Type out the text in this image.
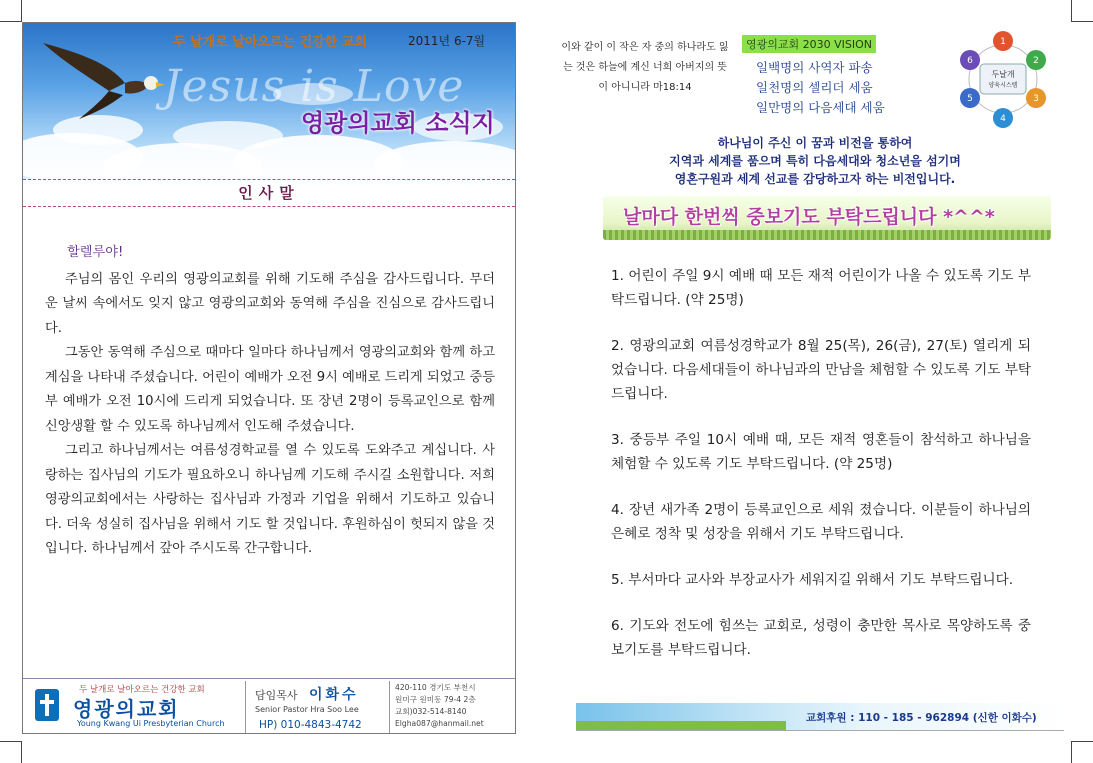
Jesus is Love
두 날개로 날아오르는 건강한 교회	2011년 6-7월
영광의교회 소식지
인사말

할렐루야!

주님의 몸인 우리의 영광의교회를 위해 기도해 주심을 감사드립니다. 무더운 날씨 속에서도 잊지 않고 영광의교회와 동역해 주심을 진심으로 감사드립니다.

그동안 동역해 주심으로 때마다 일마다 하나님께서 영광의교회와 함께 하고 계심을 나타내 주셨습니다. 어린이 예배가 오전 9시 예배로 드리게 되었고 중등부 예배가 오전 10시에 드리게 되었습니다. 또 장년 2명이 등록교인으로 함께 신앙생활 할 수 있도록 하나님께서 인도해 주셨습니다.

그리고 하나님께서는 여름성경학교를 열 수 있도록 도와주고 계십니다. 사랑하는 집사님의 기도가 필요하오니 하나님께 기도해 주시길 소원합니다. 저희 영광의교회에서는 사랑하는 집사님과 가정과 기업을 위해서 기도하고 있습니다. 더욱 성실히 집사님을 위해서 기도 할 것입니다. 후원하심이 헛되지 않을 것입니다. 하나님께서 갚아 주시도록 간구합니다.

두 날개로 날아오르는 건강한 교회
영광의교회
Young Kwang Ui Presbyterian Church
담임목사 이화수
Senior Pastor Hra Soo Lee
HP) 010-4843-4742
420-110 경기도 부천시
원미구 원미동 79-4 2층
교회)032-514-8140
Elgha087@hanmail.net
이와 같이 이 작은 자 중의 하나라도 잃는 것은 하늘에 계신 너희 아버지의 뜻이 아니니라 마18:14
영광의교회 2030 VISION
일백명의 사역자 파송
일천명의 셀리더 세움
일만명의 다음세대 세움
두날개
양육시스템
1
2
3
4
5
6
하나님이 주신 이 꿈과 비전을 통하여
지역과 세계를 품으며 특히 다음세대와 청소년을 섬기며
영혼구원과 세계 선교를 감당하고자 하는 비전입니다.
날마다 한번씩 중보기도 부탁드립니다 *^^*
1. 어린이 주일 9시 예배 때 모든 재적 어린이가 나올 수 있도록 기도 부탁드립니다. (약 25명)
2. 영광의교회 여름성경학교가 8월 25(목), 26(금), 27(토) 열리게 되었습니다. 다음세대들이 하나님과의 만남을 체험할 수 있도록 기도 부탁드립니다.
3. 중등부 주일 10시 예배 때, 모든 재적 영혼들이 참석하고 하나님을 체험할 수 있도록 기도 부탁드립니다. (약 25명)
4. 장년 새가족 2명이 등록교인으로 세워 졌습니다. 이분들이 하나님의 은혜로 정착 및 성장을 위해서 기도 부탁드립니다.
5. 부서마다 교사와 부장교사가 세워지길 위해서 기도 부탁드립니다.
6. 기도와 전도에 힘쓰는 교회로, 성령이 충만한 목사로 목양하도록 중보기도를 부탁드립니다.
교회후원 : 110 - 185 - 962894 (신한 이화수)
